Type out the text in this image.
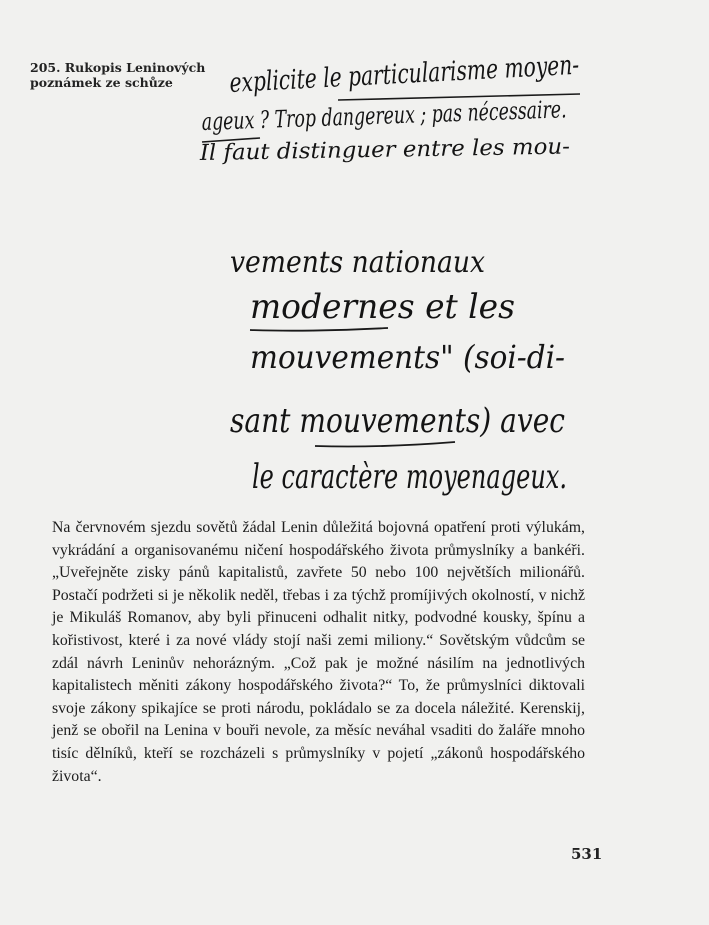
205. Rukopis Leninových
poznámek ze schůze	explicite le particularisme moyen-
ageux ? Trop dangereux ; pas nécessaire.
Il faut distinguer entre les mou-
vements nationaux
modernes et les
mouvements" (soi-di-
sant mouvements) avec
le caractère moyenageux.

Na červnovém sjezdu sovětů žádal Lenin důležitá bojovná opatření proti výlukám, vykrádání a organisovanému ničení hospodářského života průmyslníky a bankéři. „Uveřejněte zisky pánů kapitalistů, zavřete 50 nebo 100 největších milionářů. Postačí podržeti si je několik neděl, třebas i za týchž promíjivých okolností, v nichž je Mikuláš Romanov, aby byli přinuceni odhalit nitky, podvodné kousky, špínu a kořistivost, které i za nové vlády stojí naši zemi miliony.“ Sovětským vůdcům se zdál návrh Leninův nehorázným. „Což pak je možné násilím na jednotlivých kapitalistech měniti zákony hospodářského života?“ To, že průmyslníci diktovali svoje zákony spikajíce se proti národu, pokládalo se za docela náležité. Kerenskij, jenž se obořil na Lenina v bouři nevole, za měsíc neváhal vsaditi do žaláře mnoho tisíc dělníků, kteří se rozcházeli s průmyslníky v pojetí „zákonů hospodářského života“.

531
